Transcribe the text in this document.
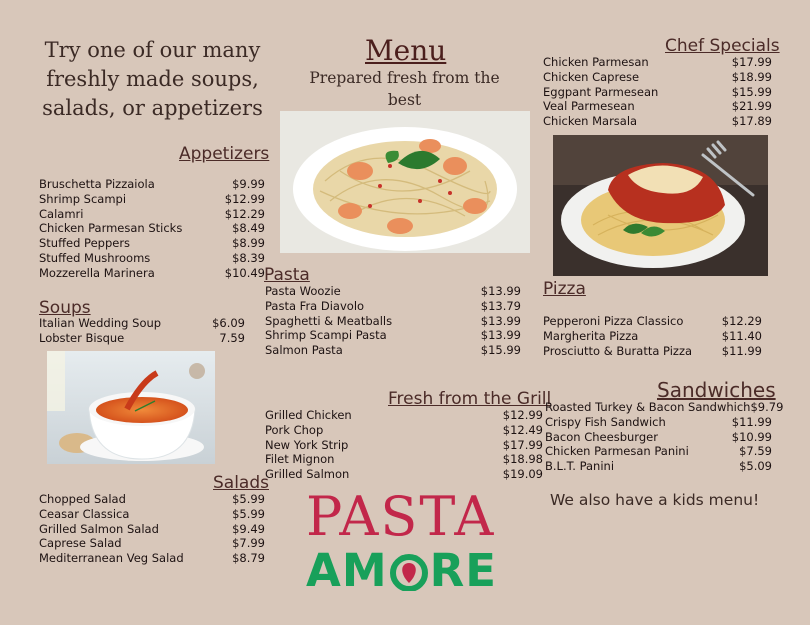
Try one of our many
freshly made soups,
salads, or appetizers
Menu
Prepared fresh from the best
Appetizers
Bruschetta Pizzaiola	$9.99
Shrimp Scampi	$12.99
Calamri	$12.29
Chicken Parmesan Sticks	$8.49
Stuffed Peppers	$8.99
Stuffed Mushrooms	$8.39
Mozzerella Marinera	$10.49
Soups
Italian Wedding Soup	$6.09
Lobster Bisque	7.59
Salads
Chopped Salad	$5.99
Ceasar Classica	$5.99
Grilled Salmon Salad	$9.49
Caprese Salad	$7.99
Mediterranean Veg Salad	$8.79
Pasta
Pasta Woozie	$13.99
Pasta Fra Diavolo	$13.79
Spaghetti & Meatballs	$13.99
Shrimp Scampi Pasta	$13.99
Salmon Pasta	$15.99
Fresh from the Grill
Grilled Chicken	$12.99
Pork Chop	$12.49
New York Strip	$17.99
Filet Mignon	$18.98
Grilled Salmon	$19.09
Chef Specials
Chicken Parmesan	$17.99
Chicken Caprese	$18.99
Eggpant Parmesean	$15.99
Veal Parmesean	$21.99
Chicken Marsala	$17.89
Pizza
Pepperoni Pizza Classico	$12.29
Margherita Pizza	$11.40
Prosciutto & Buratta Pizza	$11.99
Sandwiches
Roasted Turkey & Bacon Sandwhich $9.79
Crispy Fish Sandwich	$11.99
Bacon Cheesburger	$10.99
Chicken Parmesan Panini	$7.59
B.L.T. Panini	$5.09
We also have a kids menu!
PASTA
AM RE
